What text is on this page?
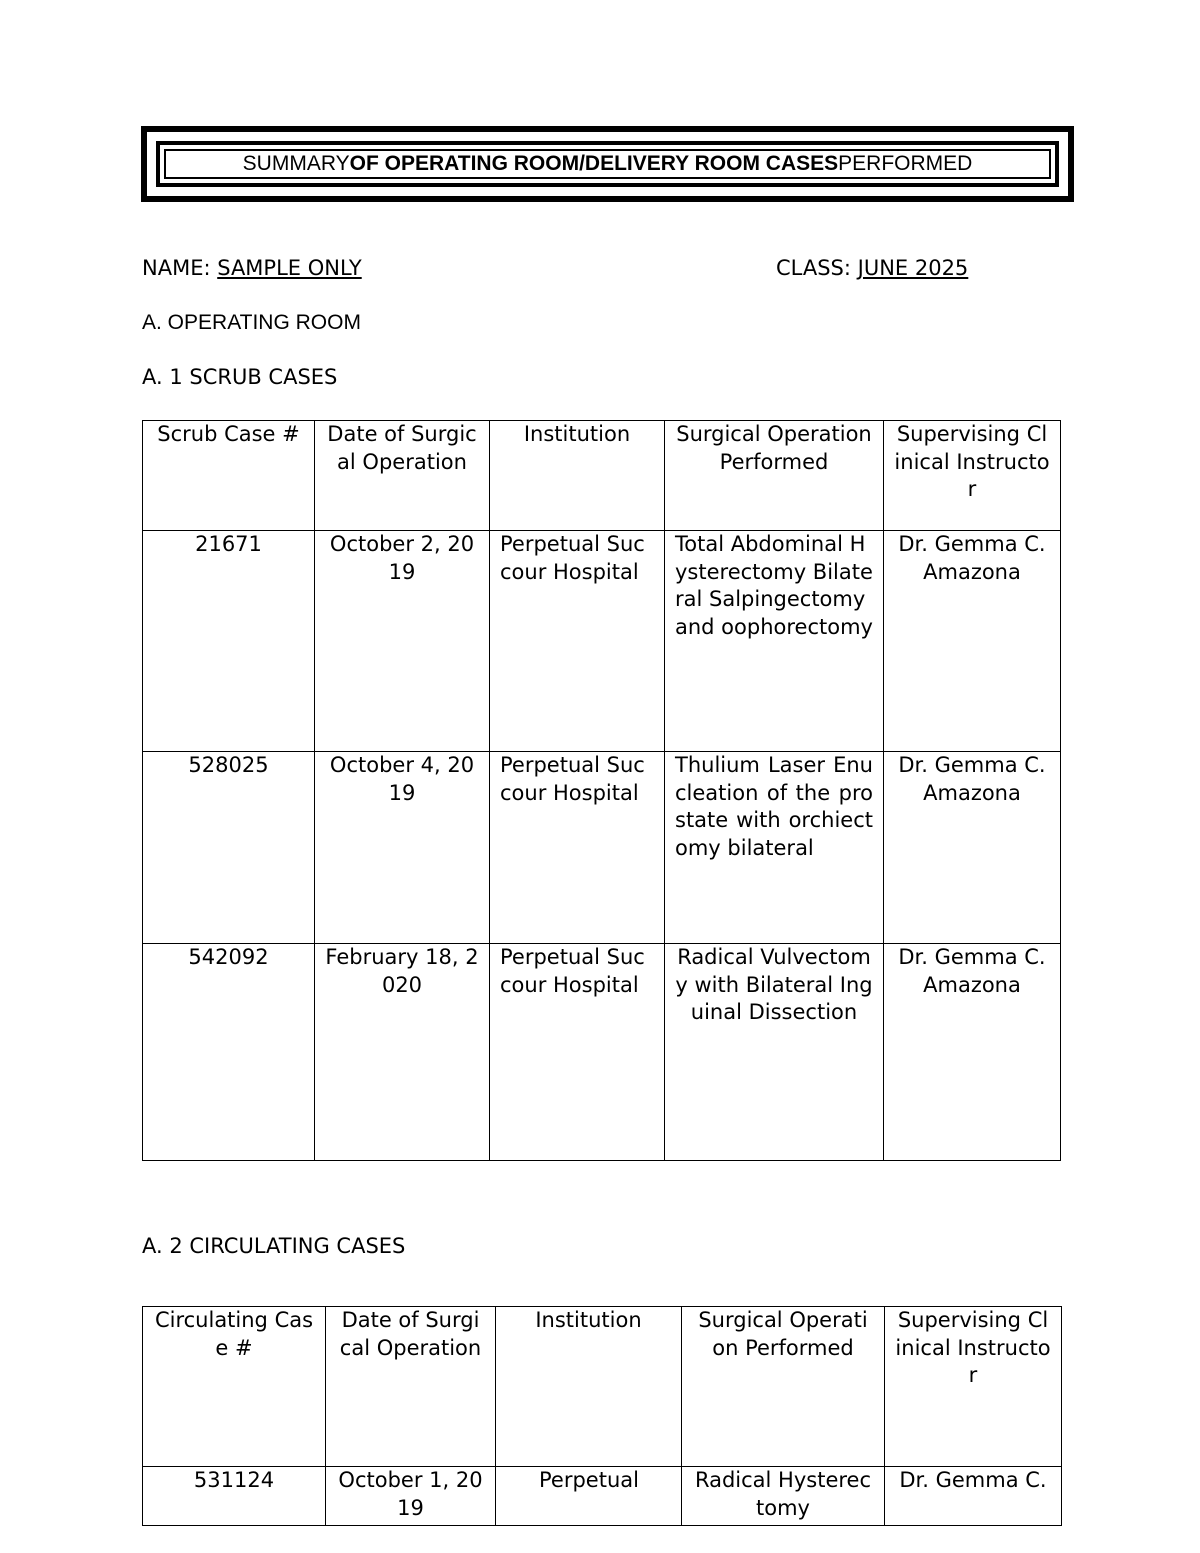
SUMMARY OF OPERATING ROOM/DELIVERY ROOM CASES PERFORMED
NAME: SAMPLE ONLY	CLASS: JUNE 2025
A. OPERATING ROOM
A. 1 SCRUB CASES
Scrub Case #	Date of Surgical Operation	Institution	Surgical Operation Performed	Supervising Clinical Instructor
21671	October 2, 2019	Perpetual Succour Hospital	Total Abdominal Hysterectomy Bilateral Salpingectomy and oophorectomy	Dr. Gemma C. Amazona
528025	October 4, 2019	Perpetual Succour Hospital	Thulium Laser Enucleation of the prostate with orchiectomy bilateral	Dr. Gemma C. Amazona
542092	February 18, 2020	Perpetual Succour Hospital	Radical Vulvectomy with Bilateral Inguinal Dissection	Dr. Gemma C. Amazona
A. 2 CIRCULATING CASES
Circulating Case #	Date of Surgical Operation	Institution	Surgical Operation Performed	Supervising Clinical Instructor
531124	October 1, 2019	Perpetual	Radical Hysterectomy	Dr. Gemma C.
